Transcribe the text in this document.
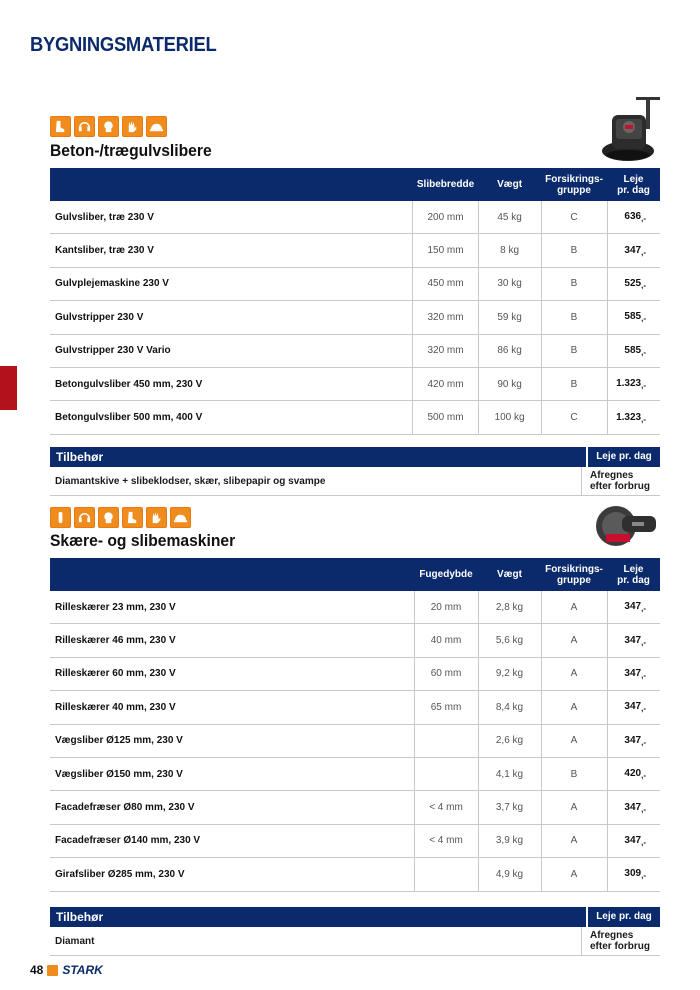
BYGNINGSMATERIEL
Beton-/trægulvslibere
	Slibebredde	Vægt	Forsikrings-
gruppe	Leje
pr. dag
Gulvsliber, træ 230 V	200 mm	45 kg	C	$636_{,-}$
Kantsliber, træ 230 V	150 mm	8 kg	B	$347_{,-}$
Gulvplejemaskine 230 V	450 mm	30 kg	B	$525_{,-}$
Gulvstripper 230 V	320 mm	59 kg	B	$585_{,-}$
Gulvstripper 230 V Vario	320 mm	86 kg	B	$585_{,-}$
Betongulvsliber 450 mm, 230 V	420 mm	90 kg	B	$1.323_{,-}$
Betongulvsliber 500 mm, 400 V	500 mm	100 kg	C	$1.323_{,-}$
Tilbehør	Leje pr. dag
Diamantskive + slibeklodser, skær, slibepapir og svampe	Afregnes
efter forbrug
Skære- og slibemaskiner
	Fugedybde	Vægt	Forsikrings-
gruppe	Leje
pr. dag
Rilleskærer 23 mm, 230 V	20 mm	2,8 kg	A	$347_{,-}$
Rilleskærer 46 mm, 230 V	40 mm	5,6 kg	A	$347_{,-}$
Rilleskærer 60 mm, 230 V	60 mm	9,2 kg	A	$347_{,-}$
Rilleskærer 40 mm, 230 V	65 mm	8,4 kg	A	$347_{,-}$
Vægsliber Ø125 mm, 230 V		2,6 kg	A	$347_{,-}$
Vægsliber Ø150 mm, 230 V		4,1 kg	B	$420_{,-}$
Facadefræser Ø80 mm, 230 V	< 4 mm	3,7 kg	A	$347_{,-}$
Facadefræser Ø140 mm, 230 V	< 4 mm	3,9 kg	A	$347_{,-}$
Girafsliber Ø285 mm, 230 V		4,9 kg	A	$309_{,-}$
Tilbehør	Leje pr. dag
Diamant	Afregnes
efter forbrug
48 STARK
